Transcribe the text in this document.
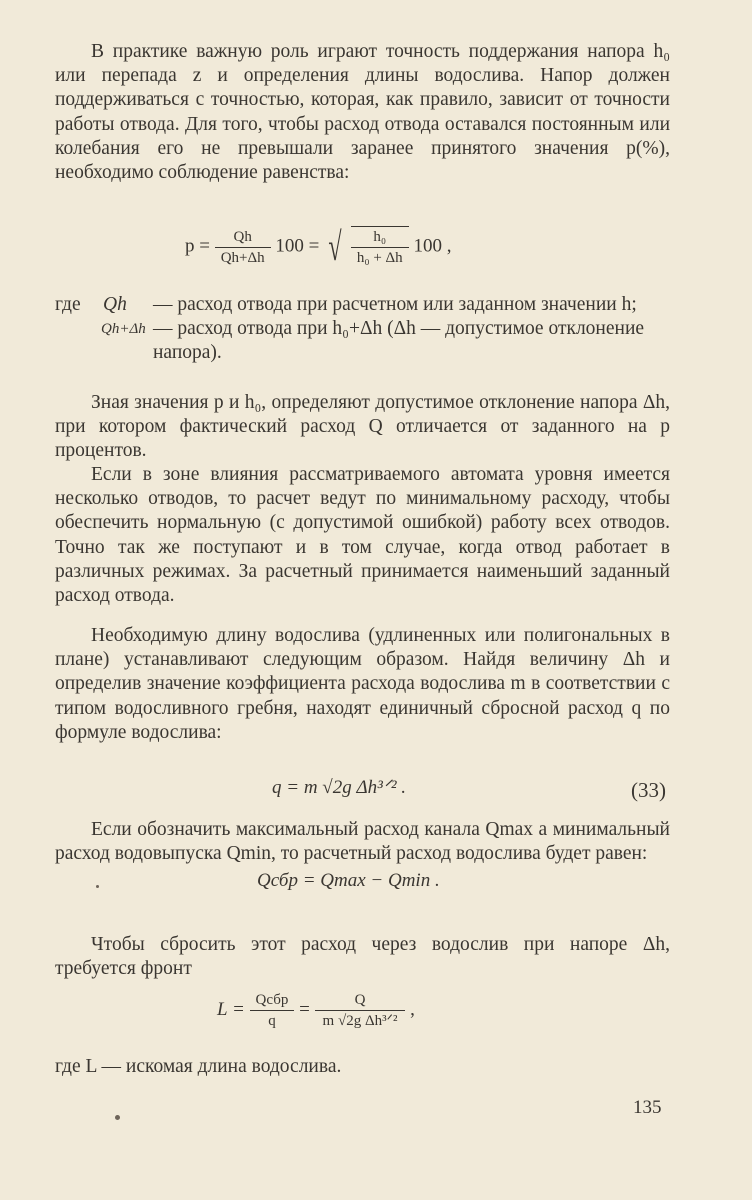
В практике важную роль играют точность поддержания напора h₀ или перепада z и определения длины водослива. Напор должен поддерживаться с точностью, которая, как правило, зависит от точности работы отвода. Для того, чтобы расход отвода оставался постоянным или колебания его не превышали заранее принятого значения p(%), необходимо соблюдение равенства:
$p = \frac{Qh}{Qh+\Delta h} 100$ = √ $\frac{\text{h₀}}{\text{h₀ + Δh}} 100$ ,
где Qh — расход отвода при расчетном или заданном значении h;
Qh+Δh — расход отвода при h₀+Δh (Δh — допустимое отклонение напора).
Зная значения p и h₀, определяют допустимое отклонение напора Δh, при котором фактический расход Q отличается от заданного на p процентов.
Если в зоне влияния рассматриваемого автомата уровня имеется несколько отводов, то расчет ведут по минимальному расходу, чтобы обеспечить нормальную (с допустимой ошибкой) работу всех отводов. Точно так же поступают и в том случае, когда отвод работает в различных режимах. За расчетный принимается наименьший заданный расход отвода.
Необходимую длину водослива (удлиненных или полигональных в плане) устанавливают следующим образом. Найдя величину Δh и определив значение коэффициента расхода водослива m в соответствии с типом водосливного гребня, находят единичный сбросной расход q по формуле водослива:
q = m √2g Δh³ᐟ² .	(33)
Если обозначить максимальный расход канала Qmax а минимальный расход водовыпуска Qmin, то расчетный расход водослива будет равен:
Qсбр = Qmax − Qmin .
Чтобы сбросить этот расход через водослив при напоре Δh, требуется фронт
$L = \frac{\text{Qсбр}}{q} = \frac{Q}{\text{m √2g Δh³ᐟ²}}$ ,
где L — искомая длина водослива.
135
